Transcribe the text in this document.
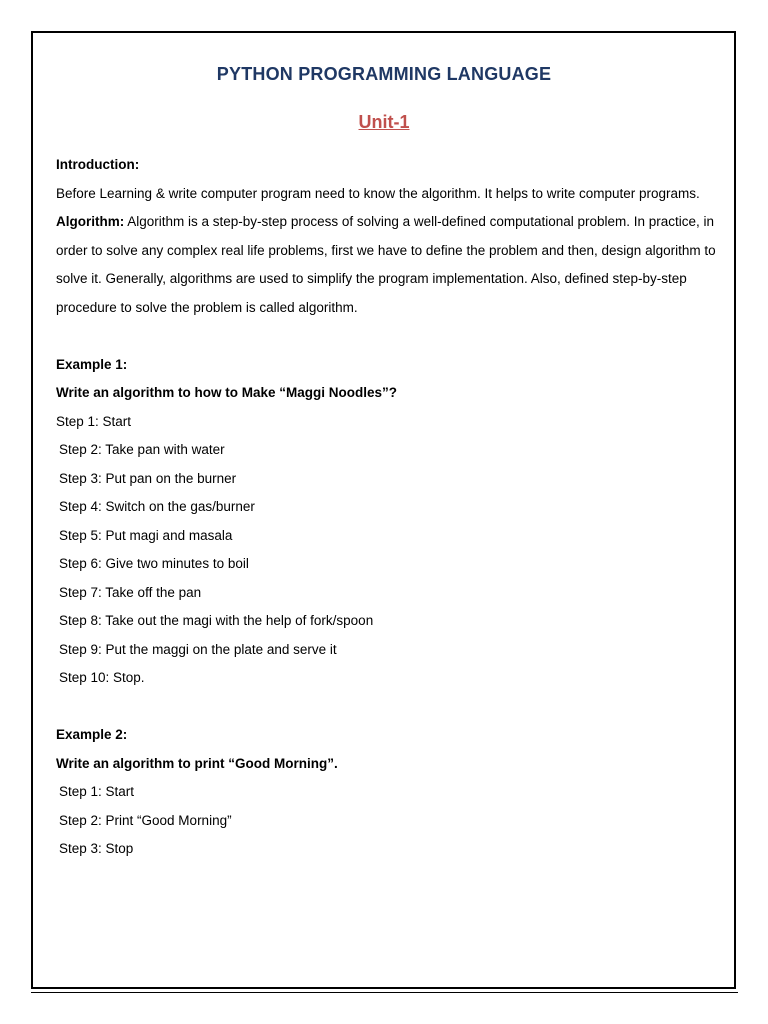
PYTHON PROGRAMMING LANGUAGE
Unit-1

Introduction:

Before Learning & write computer program need to know the algorithm. It helps to write computer programs.

Algorithm: Algorithm is a step-by-step process of solving a well-defined computational problem. In practice, in order to solve any complex real life problems, first we have to define the problem and then, design algorithm to solve it. Generally, algorithms are used to simplify the program implementation. Also, defined step-by-step procedure to solve the problem is called algorithm.

Example 1:

Write an algorithm to how to Make “Maggi Noodles”?

Step 1: Start

Step 2: Take pan with water

Step 3: Put pan on the burner

Step 4: Switch on the gas/burner

Step 5: Put magi and masala

Step 6: Give two minutes to boil

Step 7: Take off the pan

Step 8: Take out the magi with the help of fork/spoon

Step 9: Put the maggi on the plate and serve it

Step 10: Stop.

Example 2:

Write an algorithm to print “Good Morning”.

Step 1: Start

Step 2: Print “Good Morning”

Step 3: Stop
